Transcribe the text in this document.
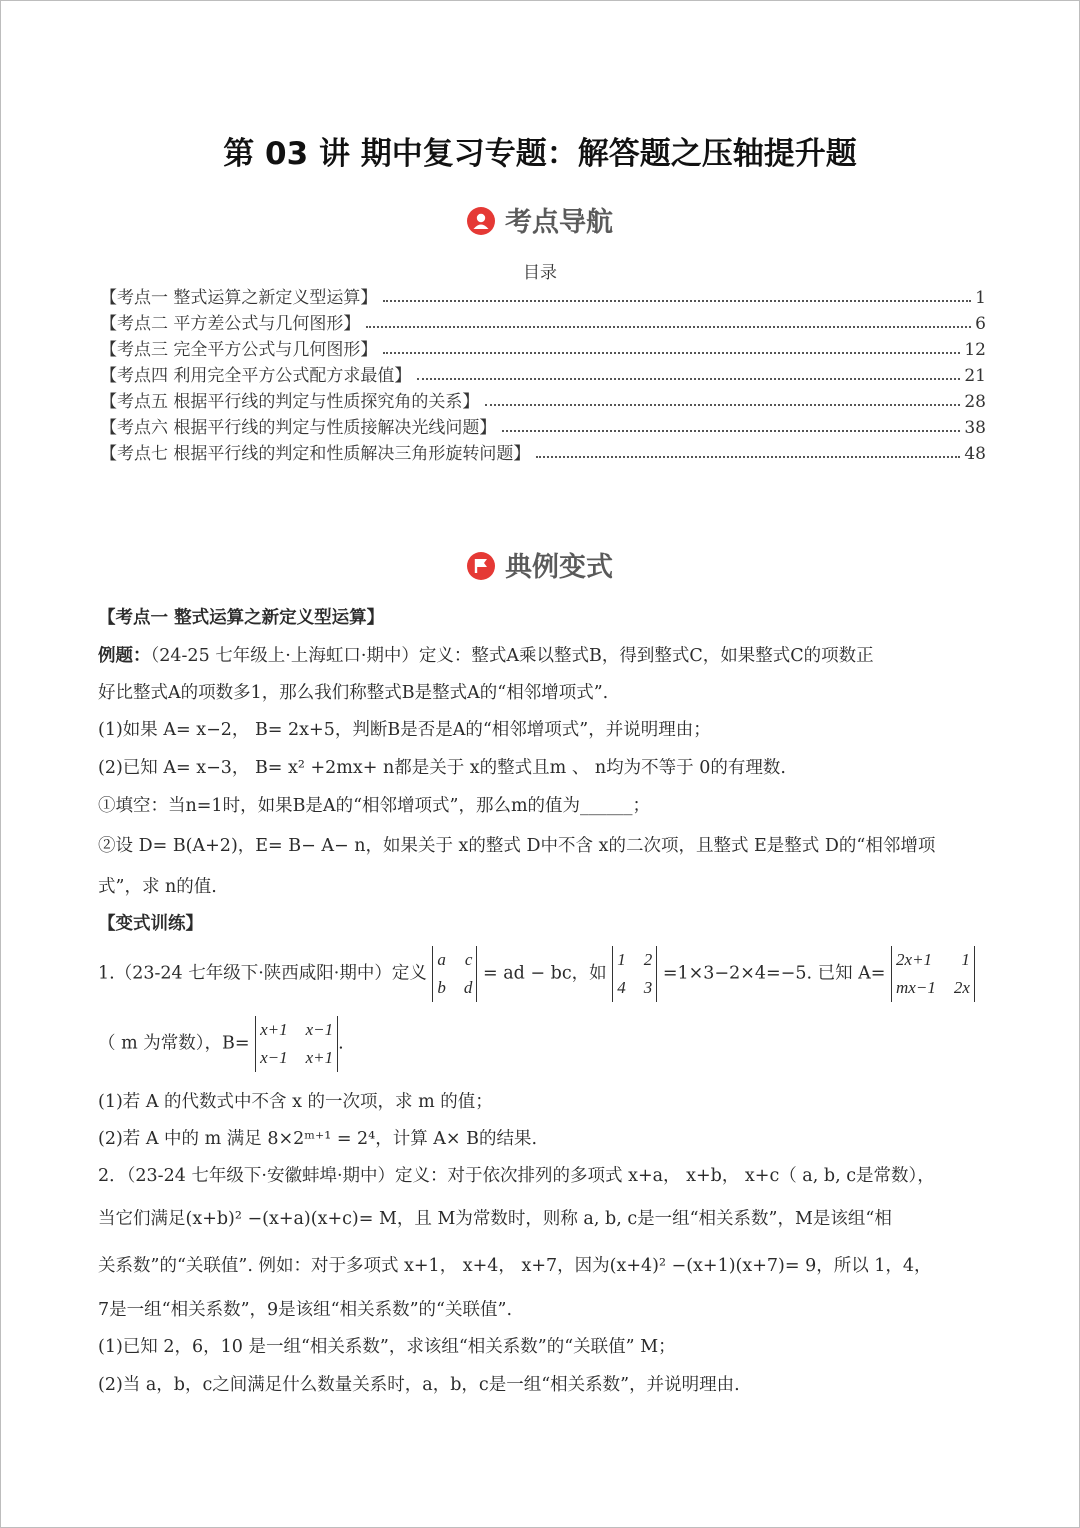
第 03 讲 期中复习专题：解答题之压轴提升题
考点导航
目录
【考点一 整式运算之新定义型运算】	1
【考点二 平方差公式与几何图形】	6
【考点三 完全平方公式与几何图形】	12
【考点四 利用完全平方公式配方求最值】	21
【考点五 根据平行线的判定与性质探究角的关系】	28
【考点六 根据平行线的判定与性质接解决光线问题】	38
【考点七 根据平行线的判定和性质解决三角形旋转问题】	48
典例变式
【考点一 整式运算之新定义型运算】
例题：（24-25 七年级上·上海虹口·期中）定义：整式A乘以整式B，得到整式C，如果整式C的项数正
好比整式A的项数多1，那么我们称整式B是整式A的“相邻增项式”.
(1)如果 A= x−2， B= 2x+5，判断B是否是A的“相邻增项式”，并说明理由；
(2)已知 A= x−3， B= x² +2mx+ n都是关于 x的整式且m 、 n均为不等于 0的有理数.
①填空：当n=1时，如果B是A的“相邻增项式”，那么m的值为______；
②设 D= B(A+2)，E= B− A− n，如果关于 x的整式 D中不含 x的二次项，且整式 E是整式 D的“相邻增项
式”，求 n的值.
【变式训练】
1.（23-24 七年级下·陕西咸阳·期中）定义
a c
b d
= ad − bc，如
1 2
4 3
=1×3−2×4=−5. 已知 A=
2x+1 1
mx−1 2x
（ m 为常数），B=
x+1 x−1
x−1 x+1
.
(1)若 A 的代数式中不含 x 的一次项，求 m 的值；
(2)若 A 中的 m 满足 8×2ᵐ⁺¹ = 2⁴，计算 A× B的结果.
2．（23-24 七年级下·安徽蚌埠·期中）定义：对于依次排列的多项式 x+a， x+b， x+c（ a, b, c是常数），
当它们满足(x+b)² −(x+a)(x+c)= M，且 M为常数时，则称 a, b, c是一组“相关系数”，M是该组“相
关系数”的“关联值”. 例如：对于多项式 x+1， x+4， x+7，因为(x+4)² −(x+1)(x+7)= 9，所以 1，4，
7是一组“相关系数”，9是该组“相关系数”的“关联值”.
(1)已知 2，6，10 是一组“相关系数”，求该组“相关系数”的“关联值” M；
(2)当 a，b，c之间满足什么数量关系时，a，b，c是一组“相关系数”，并说明理由.
